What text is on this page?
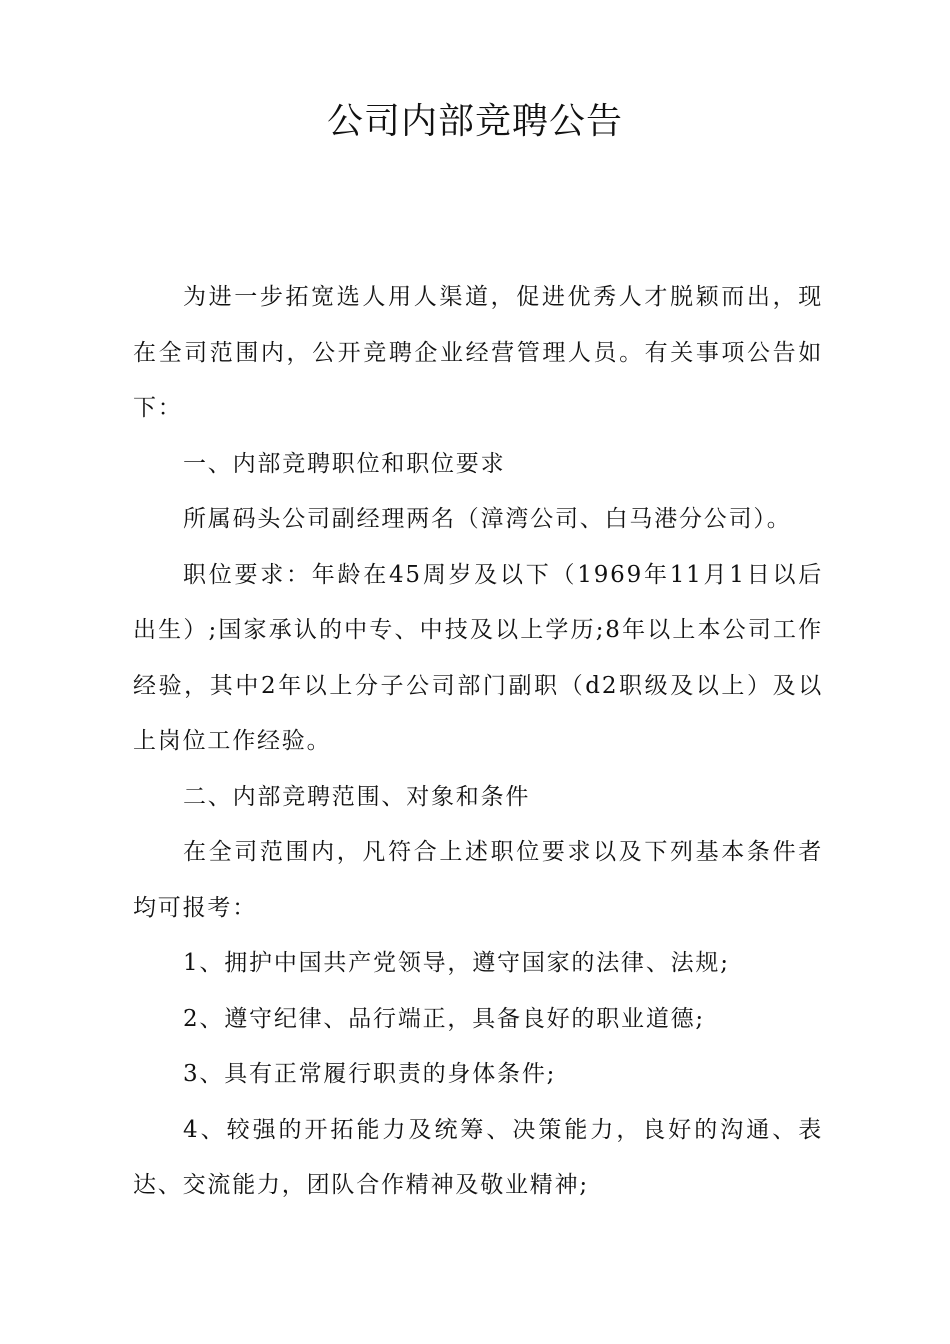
公司内部竞聘公告

为进一步拓宽选人用人渠道，促进优秀人才脱颖而出，现在全司范围内，公开竞聘企业经营管理人员。有关事项公告如下：

一、内部竞聘职位和职位要求

所属码头公司副经理两名（漳湾公司、白马港分公司）。

职位要求：年龄在45周岁及以下（1969年11月1日以后出生）;国家承认的中专、中技及以上学历;8年以上本公司工作经验，其中2年以上分子公司部门副职（d2职级及以上）及以上岗位工作经验。

二、内部竞聘范围、对象和条件

在全司范围内，凡符合上述职位要求以及下列基本条件者均可报考：

1、拥护中国共产党领导，遵守国家的法律、法规;

2、遵守纪律、品行端正，具备良好的职业道德;

3、具有正常履行职责的身体条件;

4、较强的开拓能力及统筹、决策能力，良好的沟通、表达、交流能力，团队合作精神及敬业精神;
